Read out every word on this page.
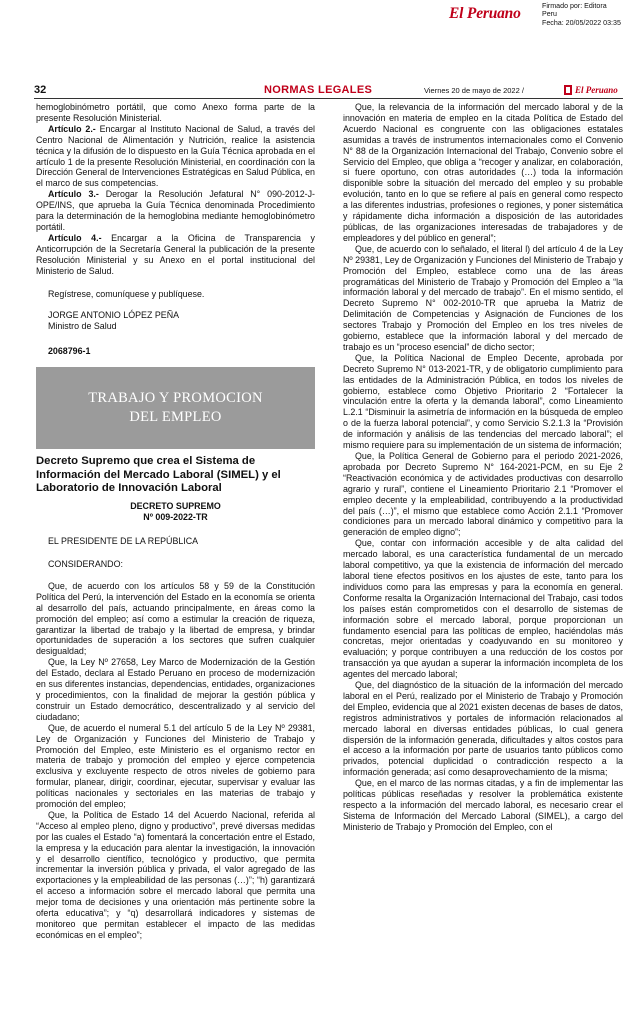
El Peruano	Firmado por: Editora
Peru
Fecha: 20/05/2022 03:35
32	NORMAS LEGALES	Viernes 20 de mayo de 2022 /	El Peruano

hemoglobinómetro portátil, que como Anexo forma parte de la presente Resolución Ministerial.

Artículo 2.- Encargar al Instituto Nacional de Salud, a través del Centro Nacional de Alimentación y Nutrición, realice la asistencia técnica y la difusión de lo dispuesto en la Guía Técnica aprobada en el artículo 1 de la presente Resolución Ministerial, en coordinación con la Dirección General de Intervenciones Estratégicas en Salud Pública, en el marco de sus competencias.

Artículo 3.- Derogar la Resolución Jefatural N° 090-2012-J-OPE/INS, que aprueba la Guía Técnica denominada Procedimiento para la determinación de la hemoglobina mediante hemoglobinómetro portátil.

Artículo 4.- Encargar a la Oficina de Transparencia y Anticorrupción de la Secretaría General la publicación de la presente Resolución Ministerial y su Anexo en el portal institucional del Ministerio de Salud.

Regístrese, comuníquese y publíquese.
JORGE ANTONIO LÓPEZ PEÑA
Ministro de Salud
2068796-1
TRABAJO Y PROMOCION
DEL EMPLEO
Decreto Supremo que crea el Sistema de Información del Mercado Laboral (SIMEL) y el Laboratorio de Innovación Laboral
DECRETO SUPREMO
Nº 009-2022-TR

EL PRESIDENTE DE LA REPÚBLICA

CONSIDERANDO:

Que, de acuerdo con los artículos 58 y 59 de la Constitución Política del Perú, la intervención del Estado en la economía se orienta al desarrollo del país, actuando principalmente, en áreas como la promoción del empleo; así como a estimular la creación de riqueza, garantizar la libertad de trabajo y la libertad de empresa, y brindar oportunidades de superación a los sectores que sufren cualquier desigualdad;

Que, la Ley Nº 27658, Ley Marco de Modernización de la Gestión del Estado, declara al Estado Peruano en proceso de modernización en sus diferentes instancias, dependencias, entidades, organizaciones y procedimientos, con la finalidad de mejorar la gestión pública y construir un Estado democrático, descentralizado y al servicio del ciudadano;

Que, de acuerdo el numeral 5.1 del artículo 5 de la Ley Nº 29381, Ley de Organización y Funciones del Ministerio de Trabajo y Promoción del Empleo, este Ministerio es el organismo rector en materia de trabajo y promoción del empleo y ejerce competencia exclusiva y excluyente respecto de otros niveles de gobierno para formular, planear, dirigir, coordinar, ejecutar, supervisar y evaluar las políticas nacionales y sectoriales en las materias de trabajo y promoción del empleo;

Que, la Política de Estado 14 del Acuerdo Nacional, referida al “Acceso al empleo pleno, digno y productivo”, prevé diversas medidas por las cuales el Estado “a) fomentará la concertación entre el Estado, la empresa y la educación para alentar la investigación, la innovación y el desarrollo científico, tecnológico y productivo, que permita incrementar la inversión pública y privada, el valor agregado de las exportaciones y la empleabilidad de las personas (…)”; “h) garantizará el acceso a información sobre el mercado laboral que permita una mejor toma de decisiones y una orientación más pertinente sobre la oferta educativa”; y “q) desarrollará indicadores y sistemas de monitoreo que permitan establecer el impacto de las medidas económicas en el empleo”;

Que, la relevancia de la información del mercado laboral y de la innovación en materia de empleo en la citada Política de Estado del Acuerdo Nacional es congruente con las obligaciones estatales asumidas a través de instrumentos internacionales como el Convenio N° 88 de la Organización Internacional del Trabajo, Convenio sobre el Servicio del Empleo, que obliga a “recoger y analizar, en colaboración, si fuere oportuno, con otras autoridades (…) toda la información disponible sobre la situación del mercado del empleo y su probable evolución, tanto en lo que se refiere al país en general como respecto a las diferentes industrias, profesiones o regiones, y poner sistemática y rápidamente dicha información a disposición de las autoridades públicas, de las organizaciones interesadas de trabajadores y de empleadores y del público en general”;

Que, de acuerdo con lo señalado, el literal l) del artículo 4 de la Ley Nº 29381, Ley de Organización y Funciones del Ministerio de Trabajo y Promoción del Empleo, establece como una de las áreas programáticas del Ministerio de Trabajo y Promoción del Empleo a “la información laboral y del mercado de trabajo”. En el mismo sentido, el Decreto Supremo N° 002-2010-TR que aprueba la Matriz de Delimitación de Competencias y Asignación de Funciones de los sectores Trabajo y Promoción del Empleo en los tres niveles de gobierno, establece que la información laboral y del mercado de trabajo es un “proceso esencial” de dicho sector;

Que, la Política Nacional de Empleo Decente, aprobada por Decreto Supremo N° 013-2021-TR, y de obligatorio cumplimiento para las entidades de la Administración Pública, en todos los niveles de gobierno, establece como Objetivo Prioritario 2 “Fortalecer la vinculación entre la oferta y la demanda laboral”, como Lineamiento L.2.1 “Disminuir la asimetría de información en la búsqueda de empleo o de la fuerza laboral potencial”, y como Servicio S.2.1.3 la “Provisión de información y análisis de las tendencias del mercado laboral”; el mismo requiere para su implementación de un sistema de información;

Que, la Política General de Gobierno para el periodo 2021-2026, aprobada por Decreto Supremo N° 164-2021-PCM, en su Eje 2 “Reactivación económica y de actividades productivas con desarrollo agrario y rural”, contiene el Lineamiento Prioritario 2.1 “Promover el empleo decente y la empleabilidad, contribuyendo a la productividad del país (…)”, el mismo que establece como Acción 2.1.1 “Promover condiciones para un mercado laboral dinámico y competitivo para la generación de empleo digno”;

Que, contar con información accesible y de alta calidad del mercado laboral, es una característica fundamental de un mercado laboral competitivo, ya que la existencia de información del mercado laboral tiene efectos positivos en los ajustes de este, tanto para los individuos como para las empresas y para la economía en general. Conforme resalta la Organización Internacional del Trabajo, casi todos los países están comprometidos con el desarrollo de sistemas de información sobre el mercado laboral, porque proporcionan un fundamento esencial para las políticas de empleo, haciéndolas más concretas, mejor orientadas y coadyuvando en su monitoreo y evaluación; y porque contribuyen a una reducción de los costos por transacción ya que ayudan a superar la información incompleta de los agentes del mercado laboral;

Que, del diagnóstico de la situación de la información del mercado laboral en el Perú, realizado por el Ministerio de Trabajo y Promoción del Empleo, evidencia que al 2021 existen decenas de bases de datos, registros administrativos y portales de información relacionados al mercado laboral en diversas entidades públicas, lo cual genera dispersión de la información generada, dificultades y altos costos para el acceso a la información por parte de usuarios tanto públicos como privados, potencial duplicidad o contradicción respecto a la información generada; así como desaprovechamiento de la misma;

Que, en el marco de las normas citadas, y a fin de implementar las políticas públicas reseñadas y resolver la problemática existente respecto a la información del mercado laboral, es necesario crear el Sistema de Información del Mercado Laboral (SIMEL), a cargo del Ministerio de Trabajo y Promoción del Empleo, con el
